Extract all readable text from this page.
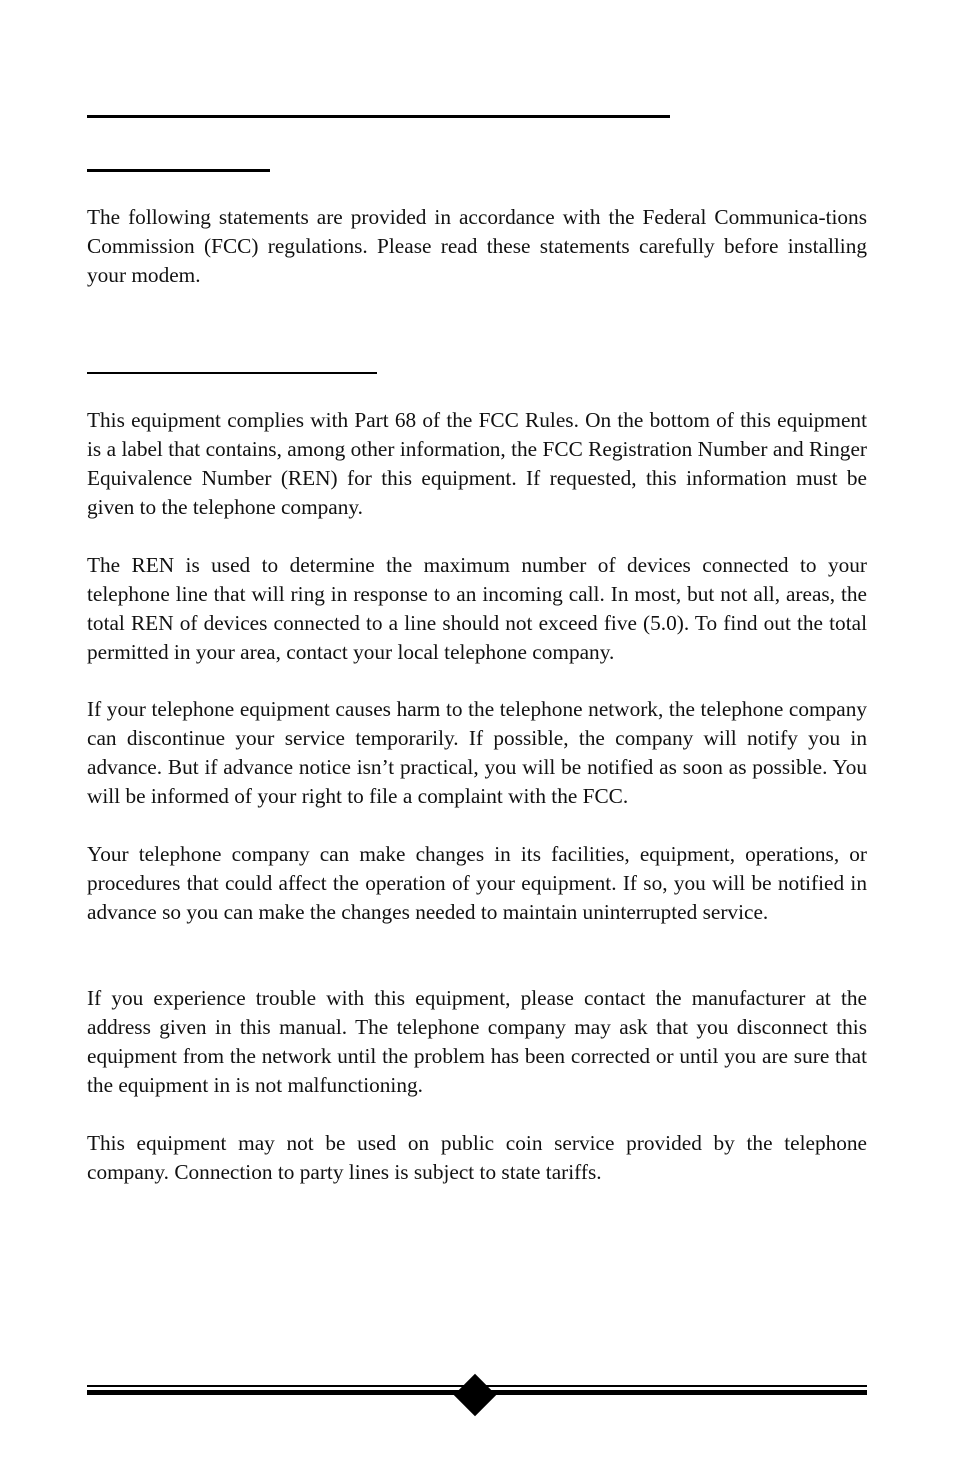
The following statements are provided in accordance with the Federal Communica-tions Commission (FCC) regulations. Please read these statements carefully before installing your modem.

This equipment complies with Part 68 of the FCC Rules. On the bottom of this equipment is a label that contains, among other information, the FCC Registration Number and Ringer Equivalence Number (REN) for this equipment. If requested, this information must be given to the telephone company.

The REN is used to determine the maximum number of devices connected to your telephone line that will ring in response to an incoming call. In most, but not all, areas, the total REN of devices connected to a line should not exceed five (5.0). To find out the total permitted in your area, contact your local telephone company.

If your telephone equipment causes harm to the telephone network, the telephone company can discontinue your service temporarily. If possible, the company will notify you in advance. But if advance notice isn’t practical, you will be notified as soon as possible. You will be informed of your right to file a complaint with the FCC.

Your telephone company can make changes in its facilities, equipment, operations, or procedures that could affect the operation of your equipment. If so, you will be notified in advance so you can make the changes needed to maintain uninterrupted service.

If you experience trouble with this equipment, please contact the manufacturer at the address given in this manual. The telephone company may ask that you disconnect this equipment from the network until the problem has been corrected or until you are sure that the equipment in is not malfunctioning.

This equipment may not be used on public coin service provided by the telephone company. Connection to party lines is subject to state tariffs.
